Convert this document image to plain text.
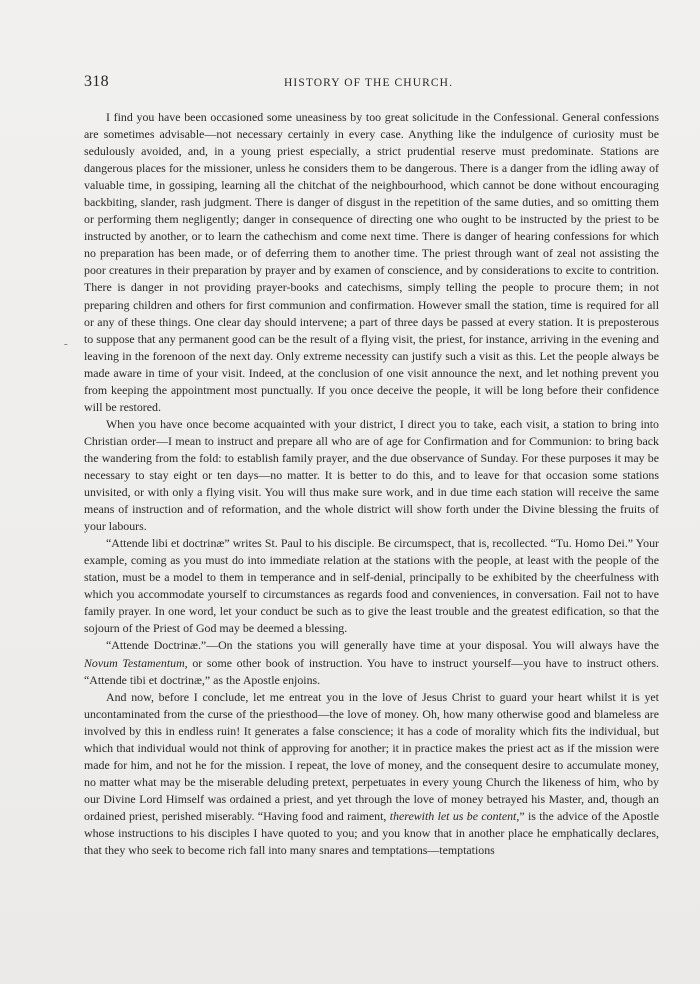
318	HISTORY OF THE CHURCH.
-

I find you have been occasioned some uneasiness by too great solicitude in the Confessional. General confessions are sometimes advisable—not necessary certainly in every case. Anything like the indulgence of curiosity must be sedulously avoided, and, in a young priest especially, a strict prudential reserve must predominate. Stations are dangerous places for the missioner, unless he considers them to be dangerous. There is a danger from the idling away of valuable time, in gossiping, learning all the chitchat of the neighbourhood, which cannot be done without encouraging backbiting, slander, rash judgment. There is danger of disgust in the repetition of the same duties, and so omitting them or performing them negligently; danger in consequence of directing one who ought to be instructed by the priest to be instructed by another, or to learn the cathechism and come next time. There is danger of hearing confessions for which no preparation has been made, or of deferring them to another time. The priest through want of zeal not assisting the poor creatures in their preparation by prayer and by examen of conscience, and by considerations to excite to contrition. There is danger in not providing prayer-books and catechisms, simply telling the people to procure them; in not preparing children and others for first communion and confirmation. However small the station, time is required for all or any of these things. One clear day should intervene; a part of three days be passed at every station. It is preposterous to suppose that any permanent good can be the result of a flying visit, the priest, for instance, arriving in the evening and leaving in the forenoon of the next day. Only extreme necessity can justify such a visit as this. Let the people always be made aware in time of your visit. Indeed, at the conclusion of one visit announce the next, and let nothing prevent you from keeping the appointment most punctually. If you once deceive the people, it will be long before their confidence will be restored.

When you have once become acquainted with your district, I direct you to take, each visit, a station to bring into Christian order—I mean to instruct and prepare all who are of age for Confirmation and for Communion: to bring back the wandering from the fold: to establish family prayer, and the due observance of Sunday. For these purposes it may be necessary to stay eight or ten days—no matter. It is better to do this, and to leave for that occasion some stations unvisited, or with only a flying visit. You will thus make sure work, and in due time each station will receive the same means of instruction and of reformation, and the whole district will show forth under the Divine blessing the fruits of your labours.

“Attende libi et doctrinæ” writes St. Paul to his disciple. Be circumspect, that is, recollected. “Tu. Homo Dei.” Your example, coming as you must do into immediate relation at the stations with the people, at least with the people of the station, must be a model to them in temperance and in self-denial, principally to be exhibited by the cheerfulness with which you accommodate yourself to circumstances as regards food and conveniences, in conversation. Fail not to have family prayer. In one word, let your conduct be such as to give the least trouble and the greatest edification, so that the sojourn of the Priest of God may be deemed a blessing.

“Attende Doctrinæ.”—On the stations you will generally have time at your disposal. You will always have the Novum Testamentum, or some other book of instruction. You have to instruct yourself—you have to instruct others. “Attende tibi et doctrinæ,” as the Apostle enjoins.

And now, before I conclude, let me entreat you in the love of Jesus Christ to guard your heart whilst it is yet uncontaminated from the curse of the priesthood—the love of money. Oh, how many otherwise good and blameless are involved by this in endless ruin! It generates a false conscience; it has a code of morality which fits the individual, but which that individual would not think of approving for another; it in practice makes the priest act as if the mission were made for him, and not he for the mission. I repeat, the love of money, and the consequent desire to accumulate money, no matter what may be the miserable deluding pretext, perpetuates in every young Church the likeness of him, who by our Divine Lord Himself was ordained a priest, and yet through the love of money betrayed his Master, and, though an ordained priest, perished miserably. “Having food and raiment, therewith let us be content,” is the advice of the Apostle whose instructions to his disciples I have quoted to you; and you know that in another place he emphatically declares, that they who seek to become rich fall into many snares and temptations—temptations
